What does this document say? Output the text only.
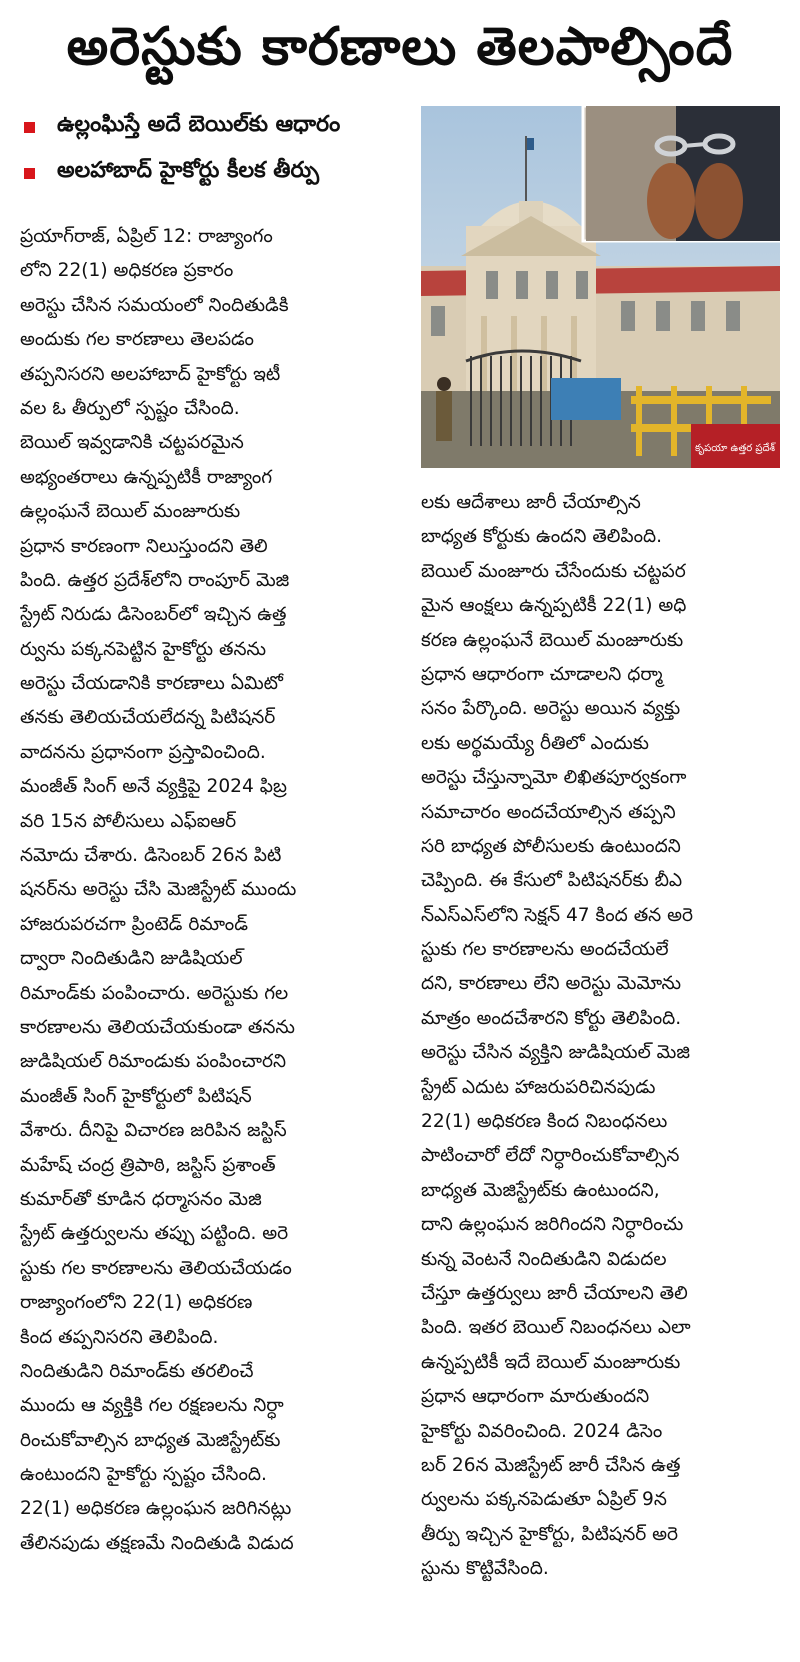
అరెస్టుకు కారణాలు తెలపాల్సిందే
ఉల్లంఘిస్తే అదే బెయిల్‌కు ఆధారం
అలహాబాద్ హైకోర్టు కీలక తీర్పు
కృపయా ఉత్తర ప్రదేశ్
ప్రయాగ్‌రాజ్, ఏప్రిల్ 12: రాజ్యాంగం
లోని 22(1) అధికరణ ప్రకారం
అరెస్టు చేసిన సమయంలో నిందితుడికి
అందుకు గల కారణాలు తెలపడం
తప్పనిసరని అలహాబాద్ హైకోర్టు ఇటీ
వల ఓ తీర్పులో స్పష్టం చేసింది.
బెయిల్ ఇవ్వడానికి చట్టపరమైన
అభ్యంతరాలు ఉన్నప్పటికీ రాజ్యాంగ
ఉల్లంఘనే బెయిల్ మంజూరుకు
ప్రధాన కారణంగా నిలుస్తుందని తెలి
పింది. ఉత్తర ప్రదేశ్‌లోని రాంపూర్ మెజి
స్ట్రేట్ నిరుడు డిసెంబర్‌లో ఇచ్చిన ఉత్త
ర్వును పక్కనపెట్టిన హైకోర్టు తనను
అరెస్టు చేయడానికి కారణాలు ఏమిటో
తనకు తెలియచేయలేదన్న పిటిషనర్
వాదనను ప్రధానంగా ప్రస్తావించింది.
మంజీత్ సింగ్ అనే వ్యక్తిపై 2024 ఫిబ్ర
వరి 15న పోలీసులు ఎఫ్ఐఆర్
నమోదు చేశారు. డిసెంబర్ 26న పిటి
షనర్‌ను అరెస్టు చేసి మెజిస్ట్రేట్ ముందు
హాజరుపరచగా ప్రింటెడ్ రిమాండ్
ద్వారా నిందితుడిని జుడిషియల్
రిమాండ్‌కు పంపించారు. అరెస్టుకు గల
కారణాలను తెలియచేయకుండా తనను
జుడిషియల్ రిమాండుకు పంపించారని
మంజీత్ సింగ్ హైకోర్టులో పిటిషన్
వేశారు. దీనిపై విచారణ జరిపిన జస్టిస్
మహేష్ చంద్ర త్రిపాఠి, జస్టిస్ ప్రశాంత్
కుమార్‌తో కూడిన ధర్మాసనం మెజి
స్ట్రేట్ ఉత్తర్వులను తప్పు పట్టింది. అరె
స్టుకు గల కారణాలను తెలియచేయడం
రాజ్యాంగంలోని 22(1) అధికరణ
కింద తప్పనిసరని తెలిపింది.
నిందితుడిని రిమాండ్‌కు తరలించే
ముందు ఆ వ్యక్తికి గల రక్షణలను నిర్ధా
రించుకోవాల్సిన బాధ్యత మెజిస్ట్రేట్‌కు
ఉంటుందని హైకోర్టు స్పష్టం చేసింది.
22(1) అధికరణ ఉల్లంఘన జరిగినట్లు
తేలినపుడు తక్షణమే నిందితుడి విడుద
లకు ఆదేశాలు జారీ చేయాల్సిన
బాధ్యత కోర్టుకు ఉందని తెలిపింది.
బెయిల్ మంజూరు చేసేందుకు చట్టపర
మైన ఆంక్షలు ఉన్నప్పటికీ 22(1) అధి
కరణ ఉల్లంఘనే బెయిల్ మంజూరుకు
ప్రధాన ఆధారంగా చూడాలని ధర్మా
సనం పేర్కొంది. అరెస్టు అయిన వ్యక్తు
లకు అర్థమయ్యే రీతిలో ఎందుకు
అరెస్టు చేస్తున్నామో లిఖితపూర్వకంగా
సమాచారం అందచేయాల్సిన తప్పని
సరి బాధ్యత పోలీసులకు ఉంటుందని
చెప్పింది. ఈ కేసులో పిటిషనర్‌కు బీఎ
న్ఎస్ఎస్‌లోని సెక్షన్ 47 కింద తన అరె
స్టుకు గల కారణాలను అందచేయలే
దని, కారణాలు లేని అరెస్టు మెమోను
మాత్రం అందచేశారని కోర్టు తెలిపింది.
అరెస్టు చేసిన వ్యక్తిని జుడిషియల్ మెజి
స్ట్రేట్ ఎదుట హాజరుపరిచినపుడు
22(1) అధికరణ కింద నిబంధనలు
పాటించారో లేదో నిర్ధారించుకోవాల్సిన
బాధ్యత మెజిస్ట్రేట్‌కు ఉంటుందని,
దాని ఉల్లంఘన జరిగిందని నిర్ధారించు
కున్న వెంటనే నిందితుడిని విడుదల
చేస్తూ ఉత్తర్వులు జారీ చేయాలని తెలి
పింది. ఇతర బెయిల్ నిబంధనలు ఎలా
ఉన్నప్పటికీ ఇదే బెయిల్ మంజూరుకు
ప్రధాన ఆధారంగా మారుతుందని
హైకోర్టు వివరించింది. 2024 డిసెం
బర్ 26న మెజిస్ట్రేట్ జారీ చేసిన ఉత్త
ర్వులను పక్కనపెడుతూ ఏప్రిల్ 9న
తీర్పు ఇచ్చిన హైకోర్టు, పిటిషనర్ అరె
స్టును కొట్టివేసింది.
